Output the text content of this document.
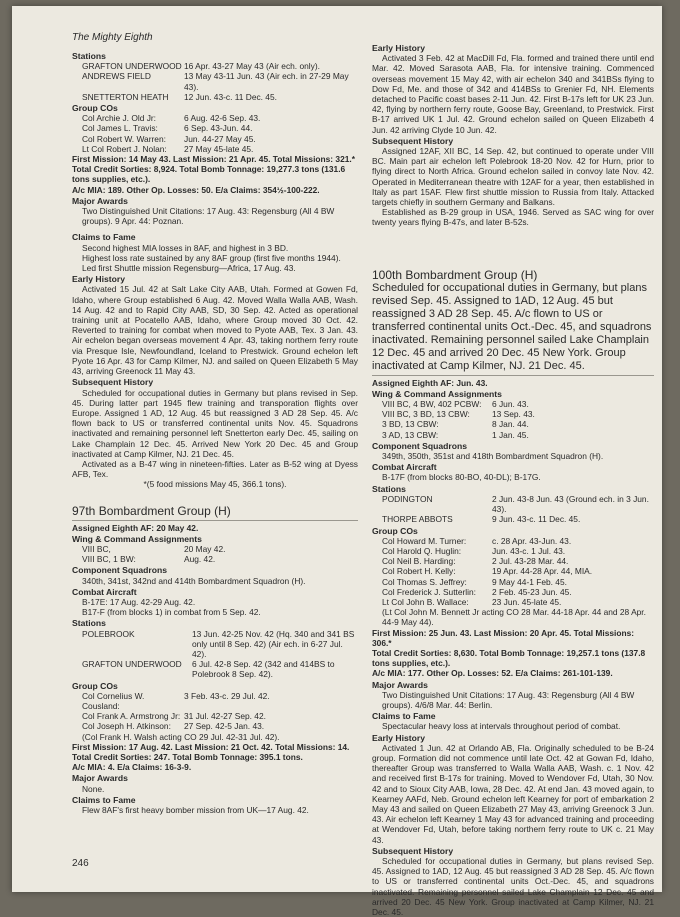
The Mighty Eighth
Stations
GRAFTON UNDERWOOD 16 Apr. 43-27 May 43 (Air ech. only).
ANDREWS FIELD	13 May 43-11 Jun. 43 (Air ech. in 27-29 May 43).
SNETTERTON HEATH	12 Jun. 43-c. 11 Dec. 45.
Group COs
Col Archie J. Old Jr:	6 Aug. 42-6 Sep. 43.
Col James L. Travis:	6 Sep. 43-Jun. 44.
Col Robert W. Warren:	Jun. 44-27 May 45.
Lt Col Robert J. Nolan:	27 May 45-late 45.
First Mission: 14 May 43. Last Mission: 21 Apr. 45. Total Missions: 321.*
Total Credit Sorties: 8,924. Total Bomb Tonnage: 19,277.3 tons (131.6 tons supplies, etc.).
A/c MIA: 189. Other Op. Losses: 50. E/a Claims: 354½-100-222.
Major Awards
Two Distinguished Unit Citations: 17 Aug. 43: Regensburg (All 4 BW groups). 9 Apr. 44: Poznan.
Claims to Fame
Second highest MIA losses in 8AF, and highest in 3 BD.
Highest loss rate sustained by any 8AF group (first five months 1944).
Led first Shuttle mission Regensburg—Africa, 17 Aug. 43.
Early History
Activated 15 Jul. 42 at Salt Lake City AAB, Utah. Formed at Gowen Fd, Idaho, where Group established 6 Aug. 42. Moved Walla Walla AAB, Wash. 14 Aug. 42 and to Rapid City AAB, SD, 30 Sep. 42. Acted as operational training unit at Pocatello AAB, Idaho, where Group moved 30 Oct. 42. Reverted to training for combat when moved to Pyote AAB, Tex. 3 Jan. 43. Air echelon began overseas movement 4 Apr. 43, taking northern ferry route via Presque Isle, Newfoundland, Iceland to Prestwick. Ground echelon left Pyote 16 Apr. 43 for Camp Kilmer, NJ. and sailed on Queen Elizabeth 5 May 43, arriving Greenock 11 May 43.
Subsequent History
Scheduled for occupational duties in Germany but plans revised in Sep. 45. During latter part 1945 flew training and transporation flights over Europe. Assigned 1 AD, 12 Aug. 45 but reassigned 3 AD 28 Sep. 45. A/c flown back to US or transferred continental units Nov. 45. Squadrons inactivated and remaining personnel left Snetterton early Dec. 45, sailing on Lake Champlain 12 Dec. 45. Arrived New York 20 Dec. 45 and Group inactivated at Camp Kilmer, NJ. 21 Dec. 45.
Activated as a B-47 wing in nineteen-fifties. Later as B-52 wing at Dyess AFB, Tex.
*(5 food missions May 45, 366.1 tons).
97th Bombardment Group (H)
Assigned Eighth AF: 20 May 42.
Wing & Command Assignments
VIII BC,	20 May 42.
VIII BC, 1 BW:	Aug. 42.
Component Squadrons
340th, 341st, 342nd and 414th Bombardment Squadron (H).
Combat Aircraft
B-17E: 17 Aug. 42-29 Aug. 42.
B17-F (from blocks 1) in combat from 5 Sep. 42.
Stations
POLEBROOK	13 Jun. 42-25 Nov. 42 (Hq. 340 and 341 BS only until 8 Sep. 42) (Air ech. in 6-27 Jul. 42).
GRAFTON UNDERWOOD	6 Jul. 42-8 Sep. 42 (342 and 414BS to Polebrook 8 Sep. 42).
Group COs
Col Cornelius W. Cousland:
3 Feb. 43-c. 29 Jul. 42.
Col Frank A. Armstrong Jr: 31 Jul. 42-27 Sep. 42.
Col Joseph H. Atkinson:	27 Sep. 42-5 Jan. 43.
(Col Frank H. Walsh acting CO 29 Jul. 42-31 Jul. 42).
First Mission: 17 Aug. 42. Last Mission: 21 Oct. 42. Total Missions: 14.
Total Credit Sorties: 247. Total Bomb Tonnage: 395.1 tons.
A/c MIA: 4. E/a Claims: 16-3-9.
Major Awards
None.
Claims to Fame
Flew 8AF's first heavy bomber mission from UK—17 Aug. 42.
Early History
Activated 3 Feb. 42 at MacDill Fd, Fla. formed and trained there until end Mar. 42. Moved Sarasota AAB, Fla. for intensive training. Commenced overseas movement 15 May 42, with air echelon 340 and 341BSs flying to Dow Fd, Me. and those of 342 and 414BSs to Grenier Fd, NH. Elements detached to Pacific coast bases 2-11 Jun. 42. First B-17s left for UK 23 Jun. 42, flying by northern ferry route, Goose Bay, Greenland, to Prestwick. First B-17 arrived UK 1 Jul. 42. Ground echelon sailed on Queen Elizabeth 4 Jun. 42 arriving Clyde 10 Jun. 42.
Subsequent History
Assigned 12AF, XII BC, 14 Sep. 42, but continued to operate under VIII BC. Main part air echelon left Polebrook 18-20 Nov. 42 for Hurn, prior to flying direct to North Africa. Ground echelon sailed in convoy late Nov. 42. Operated in Mediterranean theatre with 12AF for a year, then established in Italy as part 15AF. Flew first shuttle mission to Russia from Italy. Attacked targets chiefly in southern Germany and Balkans.
Established as B-29 group in USA, 1946. Served as SAC wing for over twenty years flying B-47s, and later B-52s.
100th Bombardment Group (H)
Scheduled for occupational duties in Germany, but plans revised Sep. 45. Assigned to 1AD, 12 Aug. 45 but reassigned 3 AD 28 Sep. 45. A/c flown to US or transferred continental units Oct.-Dec. 45, and squadrons inactivated. Remaining personnel sailed Lake Champlain 12 Dec. 45 and arrived 20 Dec. 45 New York. Group inactivated at Camp Kilmer, NJ. 21 Dec. 45.
Assigned Eighth AF: Jun. 43.
Wing & Command Assignments
VIII BC, 4 BW, 402 PCBW:	6 Jun. 43.
VIII BC, 3 BD, 13 CBW:	13 Sep. 43.
3 BD, 13 CBW:	8 Jan. 44.
3 AD, 13 CBW:	1 Jan. 45.
Component Squadrons
349th, 350th, 351st and 418th Bombardment Squadron (H).
Combat Aircraft
B-17F (from blocks 80-BO, 40-DL); B-17G.
Stations
PODINGTON	2 Jun. 43-8 Jun. 43 (Ground ech. in 3 Jun. 43).
THORPE ABBOTS	9 Jun. 43-c. 11 Dec. 45.
Group COs
Col Howard M. Turner:	c. 28 Apr. 43-Jun. 43.
Col Harold Q. Huglin:	Jun. 43-c. 1 Jul. 43.
Col Neil B. Harding:	2 Jul. 43-28 Mar. 44.
Col Robert H. Kelly:	19 Apr. 44-28 Apr. 44, MIA.
Col Thomas S. Jeffrey:	9 May 44-1 Feb. 45.
Col Frederick J. Sutterlin:	2 Feb. 45-23 Jun. 45.
Lt Col John B. Wallace:	23 Jun. 45-late 45.
(Lt Col John M. Bennett Jr acting CO 28 Mar. 44-18 Apr. 44 and 28 Apr. 44-9 May 44).
First Mission: 25 Jun. 43. Last Mission: 20 Apr. 45. Total Missions: 306.*
Total Credit Sorties: 8,630. Total Bomb Tonnage: 19,257.1 tons (137.8 tons supplies, etc.).
A/c MIA: 177. Other Op. Losses: 52. E/a Claims: 261-101-139.
Major Awards
Two Distinguished Unit Citations: 17 Aug. 43: Regensburg (All 4 BW groups). 4/6/8 Mar. 44: Berlin.
Claims to Fame
Spectacular heavy loss at intervals throughout period of combat.
Early History
Activated 1 Jun. 42 at Orlando AB, Fla. Originally scheduled to be B-24 group. Formation did not commence until late Oct. 42 at Gowan Fd, Idaho, thereafter Group was transferred to Walla Walla AAB, Wash. c. 1 Nov. 42 and received first B-17s for training. Moved to Wendover Fd, Utah, 30 Nov. 42 and to Sioux City AAB, Iowa, 28 Dec. 42. At end Jan. 43 moved again, to Kearney AAFd, Neb. Ground echelon left Kearney for port of embarkation 2 May 43 and sailed on Queen Elizabeth 27 May 43, arriving Greenock 3 Jun. 43. Air echelon left Kearney 1 May 43 for advanced training and proceeding at Wendover Fd, Utah, before taking northern ferry route to UK c. 21 May 43.
Subsequent History
Scheduled for occupational duties in Germany, but plans revised Sep. 45. Assigned to 1AD, 12 Aug. 45 but reassigned 3 AD 28 Sep. 45. A/c flown to US or transferred continental units Oct.-Dec. 45, and squadrons inactivated. Remaining personnel sailed Lake Champlain 12 Dec. 45 and arrived 20 Dec. 45 New York. Group inactivated at Camp Kilmer, NJ. 21 Dec. 45.
246
